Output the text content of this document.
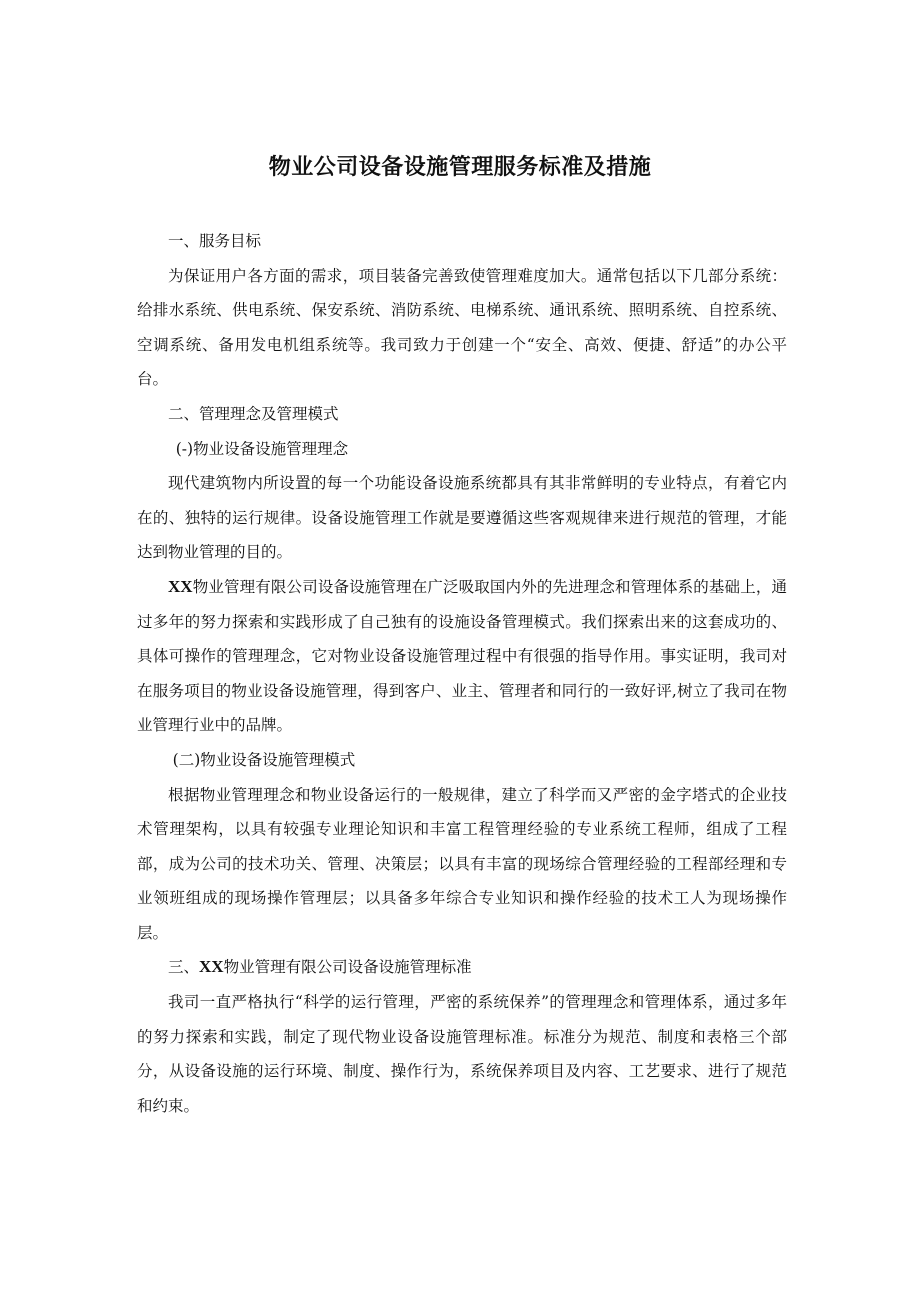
物业公司设备设施管理服务标准及措施

一、服务目标

为保证用户各方面的需求，项目装备完善致使管理难度加大。通常包括以下几部分系统：给排水系统、供电系统、保安系统、消防系统、电梯系统、通讯系统、照明系统、自控系统、空调系统、备用发电机组系统等。我司致力于创建一个“安全、高效、便捷、舒适”的办公平台。

二、管理理念及管理模式

(-)物业设备设施管理理念

现代建筑物内所设置的每一个功能设备设施系统都具有其非常鲜明的专业特点，有着它内在的、独特的运行规律。设备设施管理工作就是要遵循这些客观规律来进行规范的管理，才能达到物业管理的目的。

XX物业管理有限公司设备设施管理在广泛吸取国内外的先进理念和管理体系的基础上，通过多年的努力探索和实践形成了自己独有的设施设备管理模式。我们探索出来的这套成功的、具体可操作的管理理念，它对物业设备设施管理过程中有很强的指导作用。事实证明，我司对在服务项目的物业设备设施管理，得到客户、业主、管理者和同行的一致好评,树立了我司在物业管理行业中的品牌。

(二)物业设备设施管理模式

根据物业管理理念和物业设备运行的一般规律，建立了科学而又严密的金字塔式的企业技术管理架构，以具有较强专业理论知识和丰富工程管理经验的专业系统工程师，组成了工程部，成为公司的技术功关、管理、决策层；以具有丰富的现场综合管理经验的工程部经理和专业领班组成的现场操作管理层；以具备多年综合专业知识和操作经验的技术工人为现场操作层。

三、XX物业管理有限公司设备设施管理标准

我司一直严格执行“科学的运行管理，严密的系统保养”的管理理念和管理体系，通过多年的努力探索和实践，制定了现代物业设备设施管理标准。标准分为规范、制度和表格三个部分，从设备设施的运行环境、制度、操作行为，系统保养项目及内容、工艺要求、进行了规范和约束。
